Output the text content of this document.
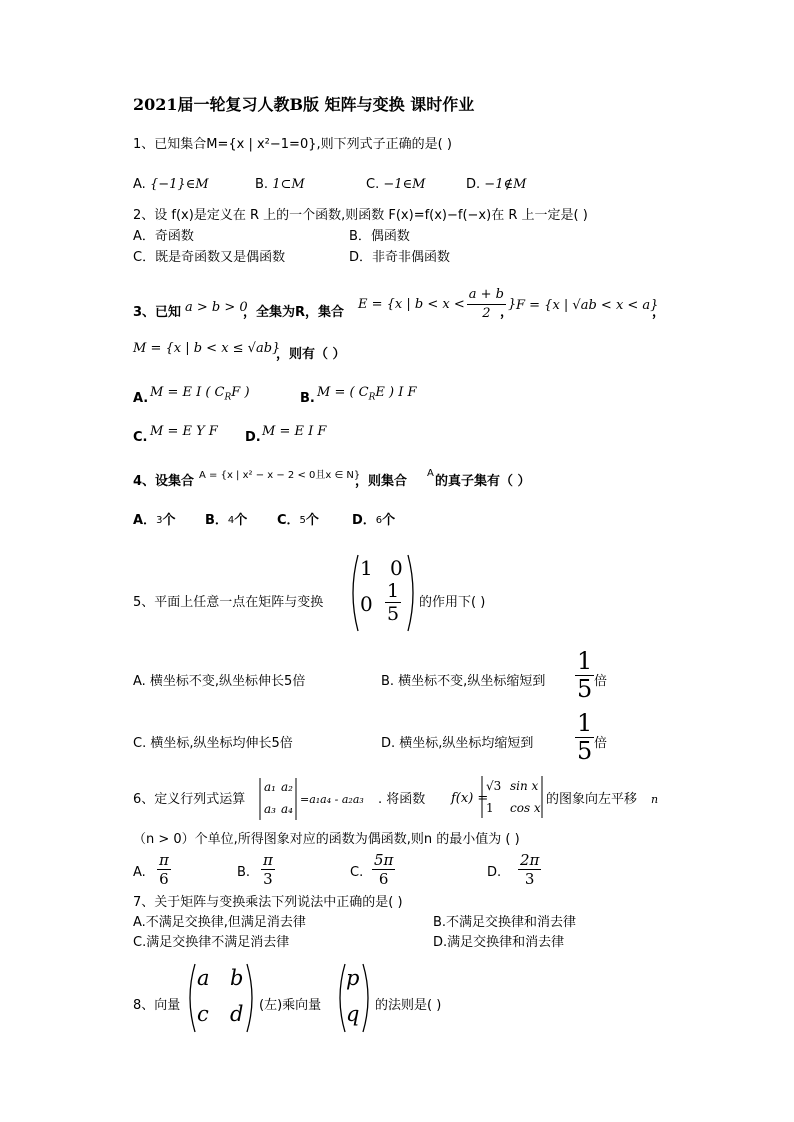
2021届一轮复习人教B版 矩阵与变换 课时作业
1、已知集合M={x | x²−1=0},则下列式子正确的是( )
A. {−1}∈M	B. 1⊂M	C. −1∈M	D. −1∉M
2、设 f(x)是定义在 R 上的一个函数,则函数 F(x)=f(x)−f(−x)在 R 上一定是( )
A．奇函数	B．偶函数
C．既是奇函数又是偶函数	D．非奇非偶函数
3、已知 a > b > 0
，全集为R，集合
E = {x | $b < x < \frac{a + b}{2}$ }
， F = {x | √ab < x < a}
，
M = {x | b < x ≤ √ab}
，则有（ ）
A. M = E I ( $C_RF$ )	B. M = ( $C_RE$ ) I F
C. M = E Y F D. M = E I F
4、设集合 A = {x | x² − x − 2 < 0且x ∈ N}
，则集合
A
的真子集有（ ）
A．$^3$个 B．$^4$个 C．$^5$个	D．$^6$个
5、平面上任意一点在矩阵与变换
1 0
$0 \frac{1}{5}$ 的作用下( )
A. 横坐标不变,纵坐标伸长5倍	B. 横坐标不变,纵坐标缩短到 $\frac{1}{5}$ 倍
C. 横坐标,纵坐标均伸长5倍	D. 横坐标,纵坐标均缩短到 $\frac{1}{5}$ 倍
6、定义行列式运算
a₁ a₂
a₃ a₄
=a₁a₄ - a₂a₃ . 将函数 f(x) =
√3 sin x
1 cos x
的图象向左平移 n
（n > 0）个单位,所得图象对应的函数为偶函数,则n 的最小值为 ( )
A. $\frac{\pi}{6}$	B. $\frac{\pi}{3}$	C. $\frac{5\pi}{6}$	D. $\frac{2\pi}{3}$
7、关于矩阵与变换乘法下列说法中正确的是( )
A.不满足交换律,但满足消去律	B.不满足交换律和消去律
C.满足交换律不满足消去律	D.满足交换律和消去律
8、向量
a b
c d (左)乘向量
p
q 的法则是( )
